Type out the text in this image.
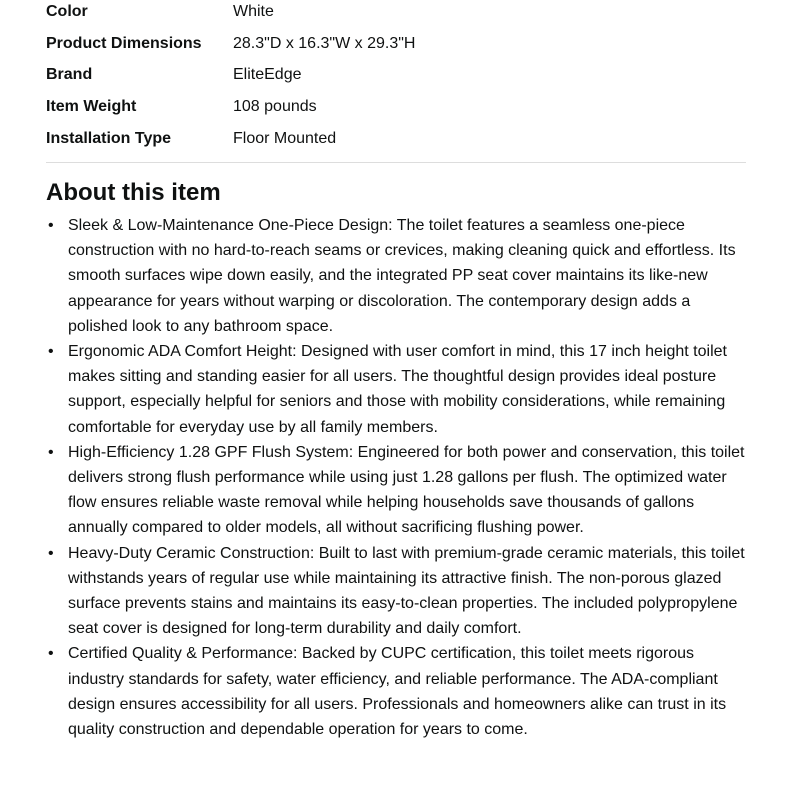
Color	White
Product Dimensions	28.3"D x 16.3"W x 29.3"H
Brand	EliteEdge
Item Weight	108 pounds
Installation Type	Floor Mounted
About this item
• Sleek & Low-Maintenance One-Piece Design: The toilet features a seamless one-piece construction with no hard-to-reach seams or crevices, making cleaning quick and effortless. Its smooth surfaces wipe down easily, and the integrated PP seat cover maintains its like-new appearance for years without warping or discoloration. The contemporary design adds a polished look to any bathroom space.
• Ergonomic ADA Comfort Height: Designed with user comfort in mind, this 17 inch height toilet makes sitting and standing easier for all users. The thoughtful design provides ideal posture support, especially helpful for seniors and those with mobility considerations, while remaining comfortable for everyday use by all family members.
• High-Efficiency 1.28 GPF Flush System: Engineered for both power and conservation, this toilet delivers strong flush performance while using just 1.28 gallons per flush. The optimized water flow ensures reliable waste removal while helping households save thousands of gallons annually compared to older models, all without sacrificing flushing power.
• Heavy-Duty Ceramic Construction: Built to last with premium-grade ceramic materials, this toilet withstands years of regular use while maintaining its attractive finish. The non-porous glazed surface prevents stains and maintains its easy-to-clean properties. The included polypropylene seat cover is designed for long-term durability and daily comfort.
• Certified Quality & Performance: Backed by CUPC certification, this toilet meets rigorous industry standards for safety, water efficiency, and reliable performance. The ADA-compliant design ensures accessibility for all users. Professionals and homeowners alike can trust in its quality construction and dependable operation for years to come.
